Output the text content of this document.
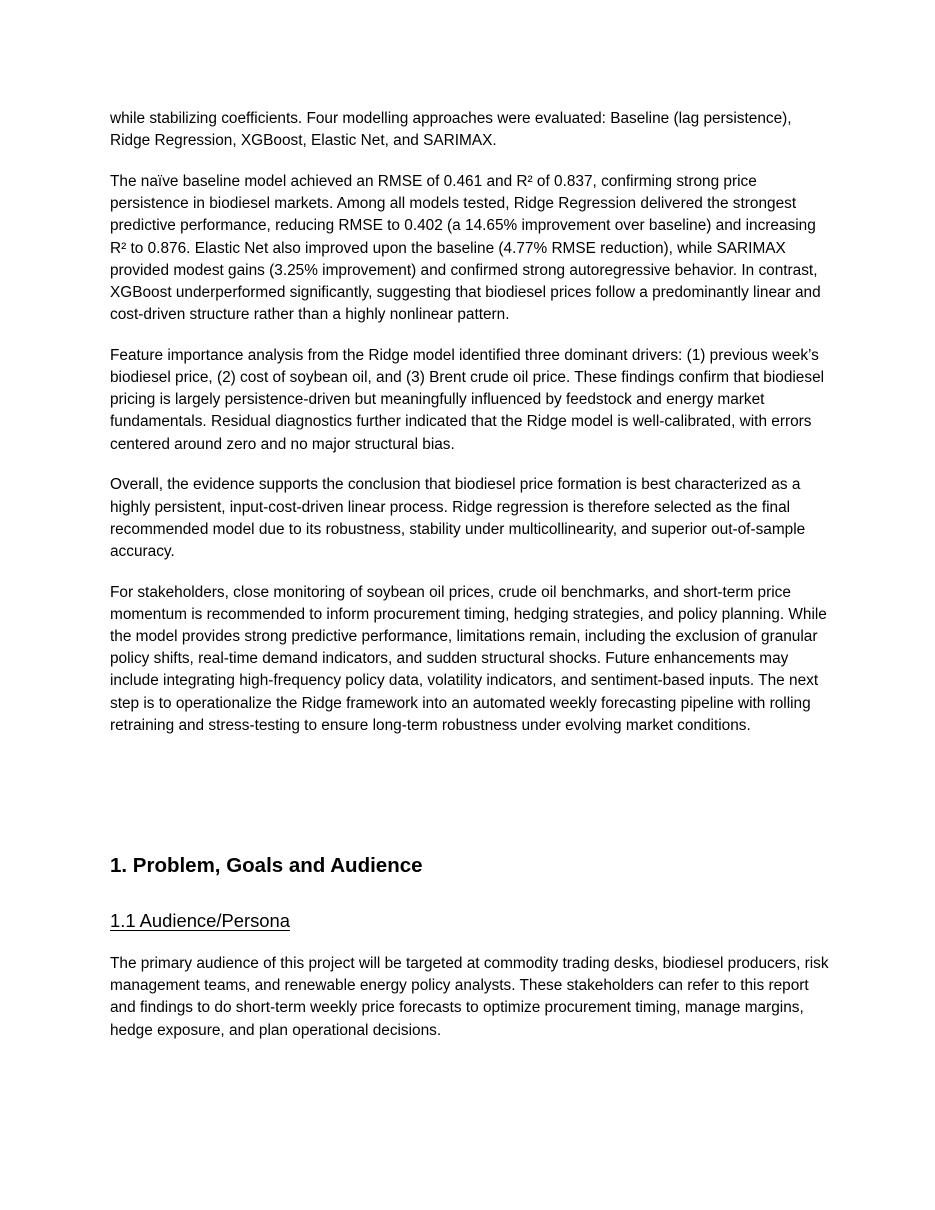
while stabilizing coefficients. Four modelling approaches were evaluated: Baseline (lag persistence), Ridge Regression, XGBoost, Elastic Net, and SARIMAX.

The naïve baseline model achieved an RMSE of 0.461 and R² of 0.837, confirming strong price persistence in biodiesel markets. Among all models tested, Ridge Regression delivered the strongest predictive performance, reducing RMSE to 0.402 (a 14.65% improvement over baseline) and increasing R² to 0.876. Elastic Net also improved upon the baseline (4.77% RMSE reduction), while SARIMAX provided modest gains (3.25% improvement) and confirmed strong autoregressive behavior. In contrast, XGBoost underperformed significantly, suggesting that biodiesel prices follow a predominantly linear and cost-driven structure rather than a highly nonlinear pattern.

Feature importance analysis from the Ridge model identified three dominant drivers: (1) previous week’s biodiesel price, (2) cost of soybean oil, and (3) Brent crude oil price. These findings confirm that biodiesel pricing is largely persistence-driven but meaningfully influenced by feedstock and energy market fundamentals. Residual diagnostics further indicated that the Ridge model is well-calibrated, with errors centered around zero and no major structural bias.

Overall, the evidence supports the conclusion that biodiesel price formation is best characterized as a highly persistent, input-cost-driven linear process. Ridge regression is therefore selected as the final recommended model due to its robustness, stability under multicollinearity, and superior out-of-sample accuracy.

For stakeholders, close monitoring of soybean oil prices, crude oil benchmarks, and short-term price momentum is recommended to inform procurement timing, hedging strategies, and policy planning. While the model provides strong predictive performance, limitations remain, including the exclusion of granular policy shifts, real-time demand indicators, and sudden structural shocks. Future enhancements may include integrating high-frequency policy data, volatility indicators, and sentiment-based inputs. The next step is to operationalize the Ridge framework into an automated weekly forecasting pipeline with rolling retraining and stress-testing to ensure long-term robustness under evolving market conditions.

1. Problem, Goals and Audience
1.1 Audience/Persona

The primary audience of this project will be targeted at commodity trading desks, biodiesel producers, risk management teams, and renewable energy policy analysts. These stakeholders can refer to this report and findings to do short-term weekly price forecasts to optimize procurement timing, manage margins, hedge exposure, and plan operational decisions.
